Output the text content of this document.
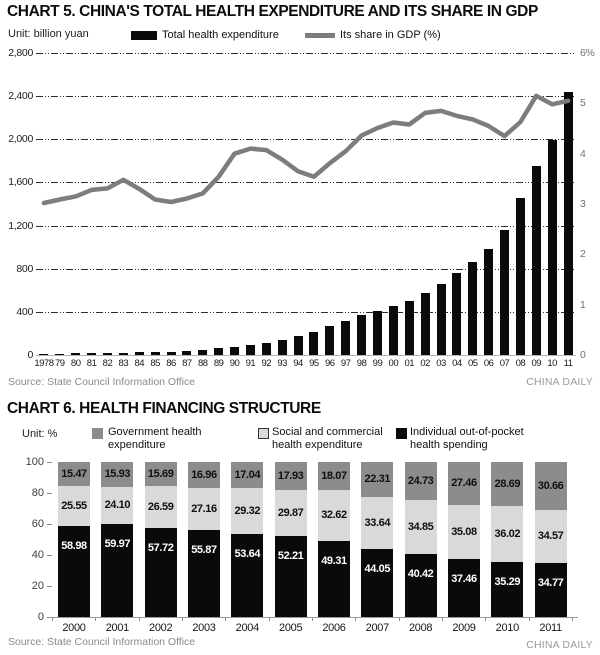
CHART 5. CHINA'S TOTAL HEALTH EXPENDITURE AND ITS SHARE IN GDP
Unit: billion yuan	Total health expenditure	Its share in GDP (%)
2,800
2,400
2,000
1,600
1,200
800
400
0
6%
5
4
3
2
1
0
1978 79 80 81 82 83 84 85 86 87 88 89 90 91 92 93 94 95 96 97 98 99 00 01 02 03 04 05 06 07 08 09 10 11
Source: State Council Information Office	CHINA DAILY
CHART 6. HEALTH FINANCING STRUCTURE
Unit: %	Government health expenditure
Social and commercial health expenditure
Individual out-of-pocket health spending
100
80
60
40
20
0
58.98
25.55
15.47
2000
59.97
24.10
15.93
2001
57.72
26.59
15.69
2002
55.87
27.16
16.96
2003
53.64
29.32
17.04
2004
52.21
29.87
17.93
2005
49.31
32.62
18.07
2006
44.05
33.64
22.31
2007
40.42
34.85
24.73
2008
37.46
35.08
27.46
2009
35.29
36.02
28.69
2010
34.77
34.57
30.66
2011
Source: State Council Information Office	CHINA DAILY
